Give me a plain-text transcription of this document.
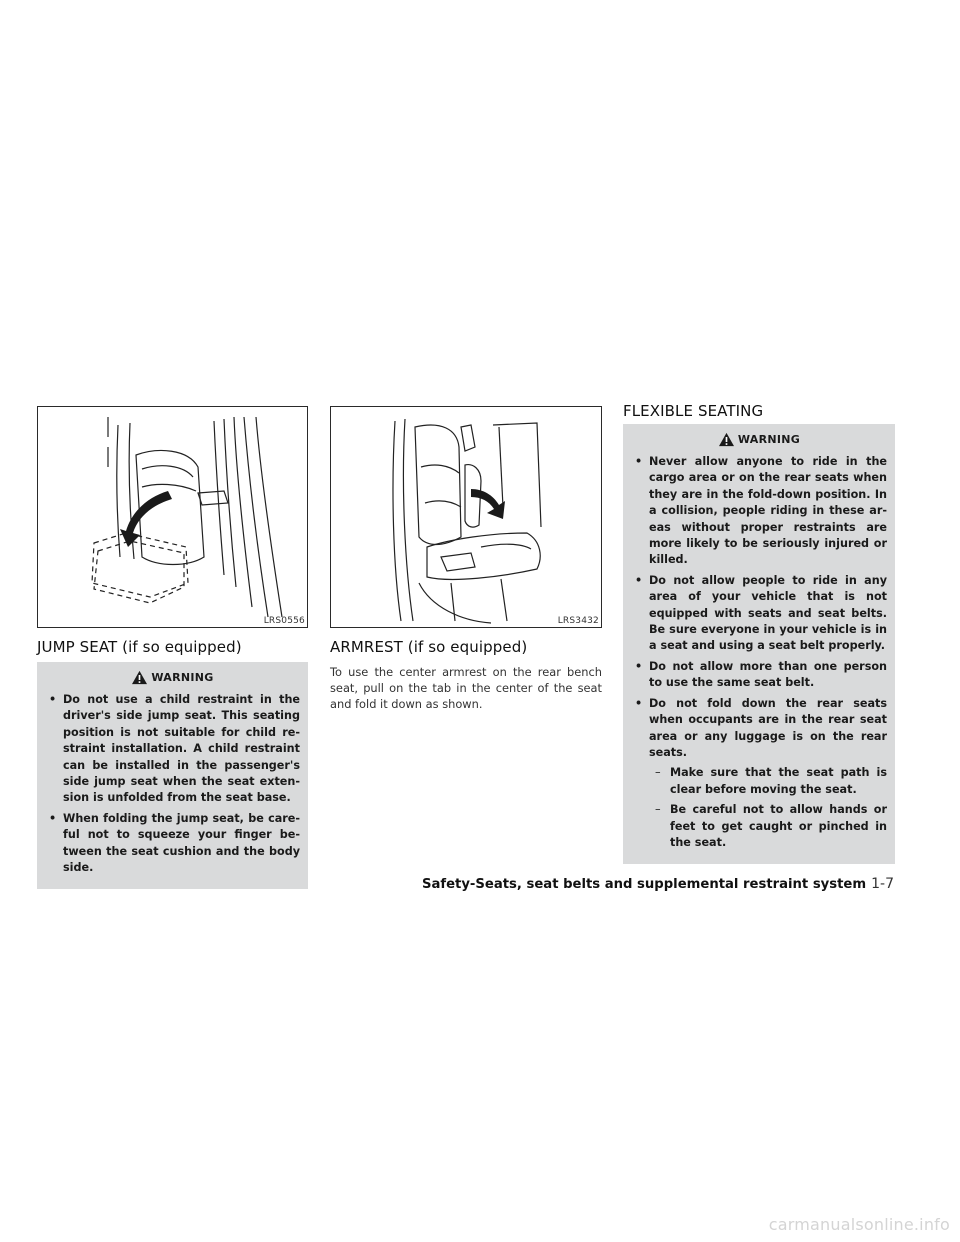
LRS0556
JUMP SEAT (if so equipped)
WARNING
• Do not use a child restraint in the driver's side jump seat. This seating position is not suitable for child re-straint installation. A child restraint can be installed in the passenger's side jump seat when the seat exten-sion is unfolded from the seat base.
• When folding the jump seat, be care-ful not to squeeze your finger be-tween the seat cushion and the body side.
LRS3432
ARMREST (if so equipped)

To use the center armrest on the rear bench seat, pull on the tab in the center of the seat and fold it down as shown.

FLEXIBLE SEATING
WARNING
• Never allow anyone to ride in the cargo area or on the rear seats when they are in the fold-down position. In a collision, people riding in these ar-eas without proper restraints are more likely to be seriously injured or killed.
• Do not allow people to ride in any area of your vehicle that is not equipped with seats and seat belts. Be sure everyone in your vehicle is in a seat and using a seat belt properly.
• Do not allow more than one person to use the same seat belt.
• Do not fold down the rear seats when occupants are in the rear seat area or any luggage is on the rear seats.
– Make sure that the seat path is clear before moving the seat.
– Be careful not to allow hands or feet to get caught or pinched in the seat.
Safety-Seats, seat belts and supplemental restraint system 1-7
carmanualsonline.info
